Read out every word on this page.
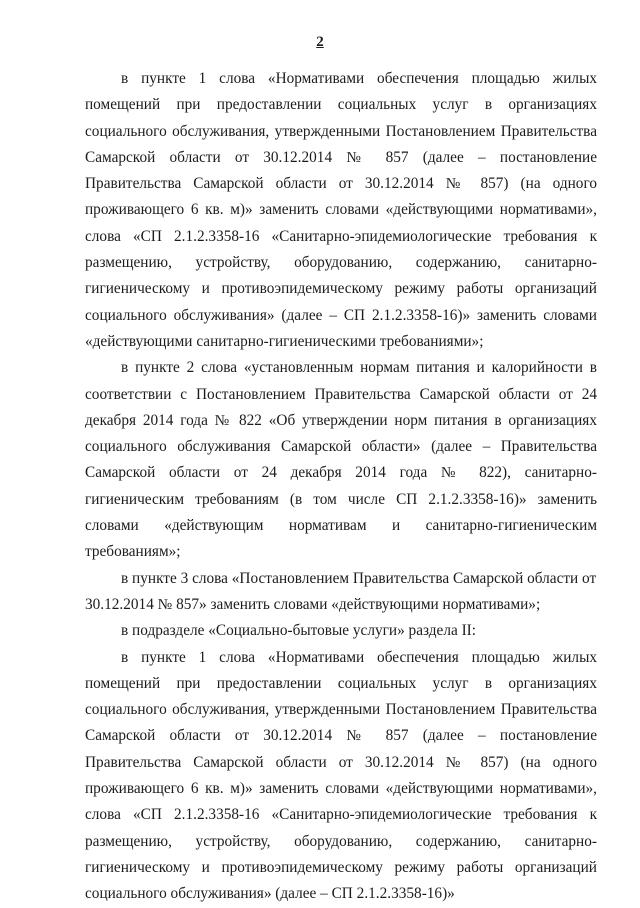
2

в пункте 1 слова «Нормативами обеспечения площадью жилых помещений при предоставлении социальных услуг в организациях социального обслуживания, утвержденными Постановлением Правительства Самарской области от 30.12.2014 № 857 (далее – постановление Правительства Самарской области от 30.12.2014 № 857) (на одного проживающего 6 кв. м)» заменить словами «действующими нормативами», слова «СП 2.1.2.3358-16 «Санитарно-эпидемиологические требования к размещению, устройству, оборудованию, содержанию, санитарно-гигиеническому и противоэпидемическому режиму работы организаций социального обслуживания» (далее – СП 2.1.2.3358-16)» заменить словами «действующими санитарно-гигиеническими требованиями»;

в пункте 2 слова «установленным нормам питания и калорийности в соответствии с Постановлением Правительства Самарской области от 24 декабря 2014 года № 822 «Об утверждении норм питания в организациях социального обслуживания Самарской области» (далее – Правительства Самарской области от 24 декабря 2014 года № 822), санитарно-гигиеническим требованиям (в том числе СП 2.1.2.3358-16)» заменить словами «действующим нормативам и санитарно-гигиеническим требованиям»;

в пункте 3 слова «Постановлением Правительства Самарской области от 30.12.2014 № 857» заменить словами «действующими нормативами»;

в подразделе «Социально-бытовые услуги» раздела II:

в пункте 1 слова «Нормативами обеспечения площадью жилых помещений при предоставлении социальных услуг в организациях социального обслуживания, утвержденными Постановлением Правительства Самарской области от 30.12.2014 № 857 (далее – постановление Правительства Самарской области от 30.12.2014 № 857) (на одного проживающего 6 кв. м)» заменить словами «действующими нормативами», слова «СП 2.1.2.3358-16 «Санитарно-эпидемиологические требования к размещению, устройству, оборудованию, содержанию, санитарно-гигиеническому и противоэпидемическому режиму работы организаций социального обслуживания» (далее – СП 2.1.2.3358-16)»
